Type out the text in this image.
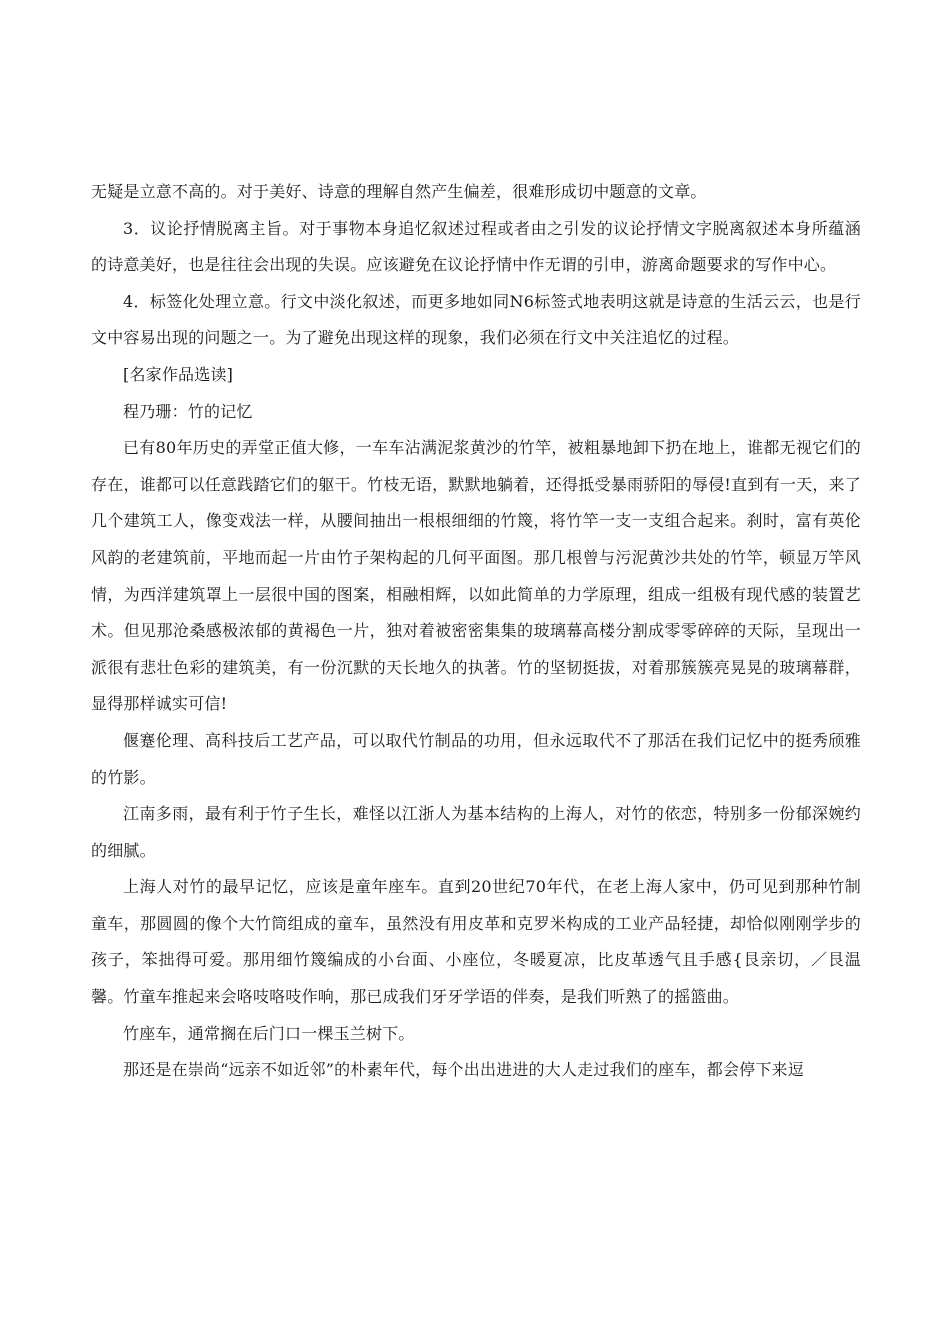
无疑是立意不高的。对于美好、诗意的理解自然产生偏差，很难形成切中题意的文章。

3．议论抒情脱离主旨。对于事物本身追忆叙述过程或者由之引发的议论抒情文字脱离叙述本身所蕴涵的诗意美好，也是往往会出现的失误。应该避免在议论抒情中作无谓的引申，游离命题要求的写作中心。

4．标签化处理立意。行文中淡化叙述，而更多地如同N6标签式地表明这就是诗意的生活云云，也是行文中容易出现的问题之一。为了避免出现这样的现象，我们必须在行文中关注追忆的过程。

[名家作品选读]

程乃珊：竹的记忆

已有80年历史的弄堂正值大修，一车车沾满泥浆黄沙的竹竿，被粗暴地卸下扔在地上，谁都无视它们的存在，谁都可以任意践踏它们的躯干。竹枝无语，默默地躺着，还得抵受暴雨骄阳的辱侵!直到有一天，来了几个建筑工人，像变戏法一样，从腰间抽出一根根细细的竹篾，将竹竿一支一支组合起来。刹时，富有英伦风韵的老建筑前，平地而起一片由竹子架构起的几何平面图。那几根曾与污泥黄沙共处的竹竿，顿显万竿风情，为西洋建筑罩上一层很中国的图案，相融相辉，以如此简单的力学原理，组成一组极有现代感的装置艺术。但见那沧桑感极浓郁的黄褐色一片，独对着被密密集集的玻璃幕高楼分割成零零碎碎的天际，呈现出一派很有悲壮色彩的建筑美，有一份沉默的天长地久的执著。竹的坚韧挺拔，对着那簇簇亮晃晃的玻璃幕群，显得那样诚实可信!

偃蹇伦理、高科技后工艺产品，可以取代竹制品的功用，但永远取代不了那活在我们记忆中的挺秀颀雅的竹影。

江南多雨，最有利于竹子生长，难怪以江浙人为基本结构的上海人，对竹的依恋，特别多一份郁深婉约的细腻。

上海人对竹的最早记忆，应该是童年座车。直到20世纪70年代，在老上海人家中，仍可见到那种竹制童车，那圆圆的像个大竹筒组成的童车，虽然没有用皮革和克罗米构成的工业产品轻捷，却恰似刚刚学步的孩子，笨拙得可爱。那用细竹篾编成的小台面、小座位，冬暖夏凉，比皮革透气且手感{艮亲切，／艮温馨。竹童车推起来会咯吱咯吱作响，那已成我们牙牙学语的伴奏，是我们听熟了的摇篮曲。

竹座车，通常搁在后门口一棵玉兰树下。

那还是在崇尚“远亲不如近邻”的朴素年代，每个出出进进的大人走过我们的座车，都会停下来逗
